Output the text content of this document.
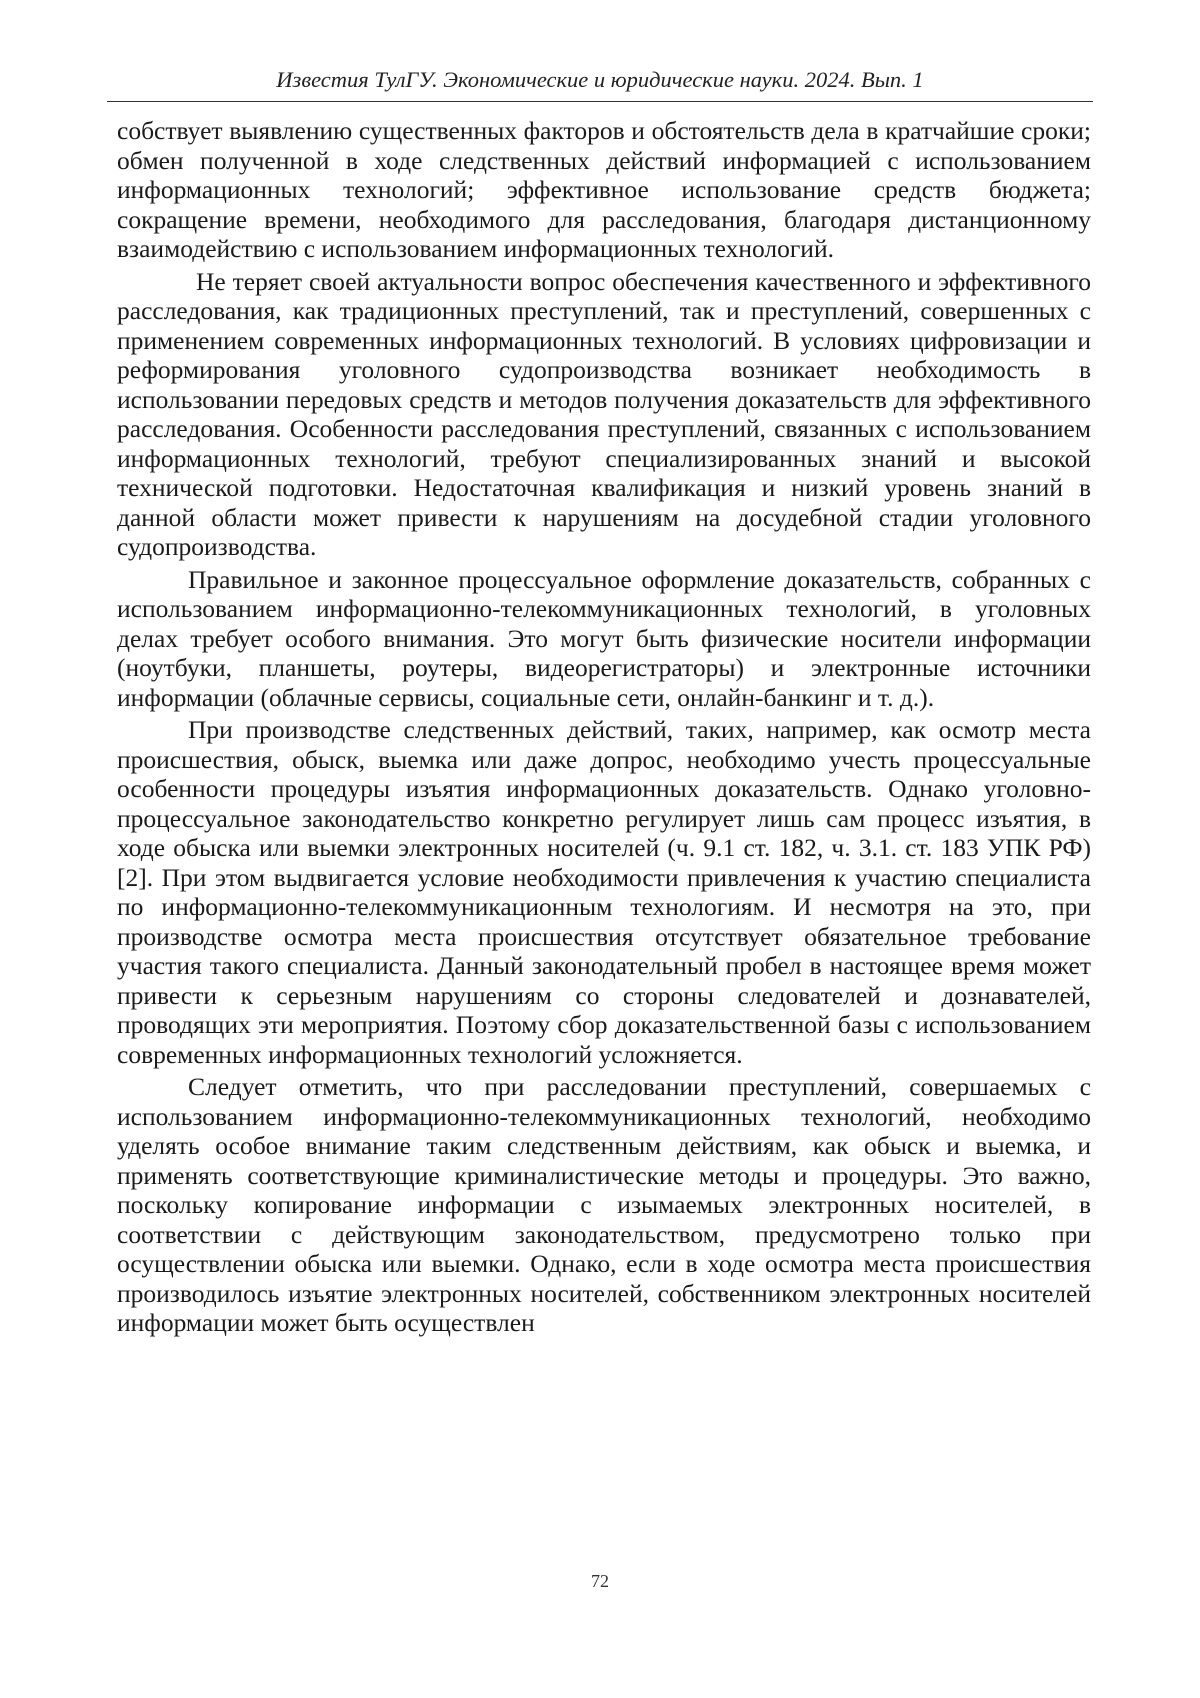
Известия ТулГУ. Экономические и юридические науки. 2024. Вып. 1

собствует выявлению существенных факторов и обстоятельств дела в кратчайшие сроки; обмен полученной в ходе следственных действий информацией с использованием информационных технологий; эффективное использование средств бюджета; сокращение времени, необходимого для расследования, благодаря дистанционному взаимодействию с использованием информационных технологий.

Не теряет своей актуальности вопрос обеспечения качественного и эффективного расследования, как традиционных преступлений, так и преступлений, совершенных с применением современных информационных технологий. В условиях цифровизации и реформирования уголовного судопроизводства возникает необходимость в использовании передовых средств и методов получения доказательств для эффективного расследования. Особенности расследования преступлений, связанных с использованием информационных технологий, требуют специализированных знаний и высокой технической подготовки. Недостаточная квалификация и низкий уровень знаний в данной области может привести к нарушениям на досудебной стадии уголовного судопроизводства.

Правильное и законное процессуальное оформление доказательств, собранных с использованием информационно-телекоммуникационных технологий, в уголовных делах требует особого внимания. Это могут быть физические носители информации (ноутбуки, планшеты, роутеры, видеорегистраторы) и электронные источники информации (облачные сервисы, социальные сети, онлайн-банкинг и т. д.).

При производстве следственных действий, таких, например, как осмотр места происшествия, обыск, выемка или даже допрос, необходимо учесть процессуальные особенности процедуры изъятия информационных доказательств. Однако уголовно-процессуальное законодательство конкретно регулирует лишь сам процесс изъятия, в ходе обыска или выемки электронных носителей (ч. 9.1 ст. 182, ч. 3.1. ст. 183 УПК РФ) [2]. При этом выдвигается условие необходимости привлечения к участию специалиста по информационно-телекоммуникационным технологиям. И несмотря на это, при производстве осмотра места происшествия отсутствует обязательное требование участия такого специалиста. Данный законодательный пробел в настоящее время может привести к серьезным нарушениям со стороны следователей и дознавателей, проводящих эти мероприятия. Поэтому сбор доказательственной базы с использованием современных информационных технологий усложняется.

Следует отметить, что при расследовании преступлений, совершаемых с использованием информационно-телекоммуникационных технологий, необходимо уделять особое внимание таким следственным действиям, как обыск и выемка, и применять соответствующие криминалистические методы и процедуры. Это важно, поскольку копирование информации с изымаемых электронных носителей, в соответствии с действующим законодательством, предусмотрено только при осуществлении обыска или выемки. Однако, если в ходе осмотра места происшествия производилось изъятие электронных носителей, собственником электронных носителей информации может быть осуществлен

72
